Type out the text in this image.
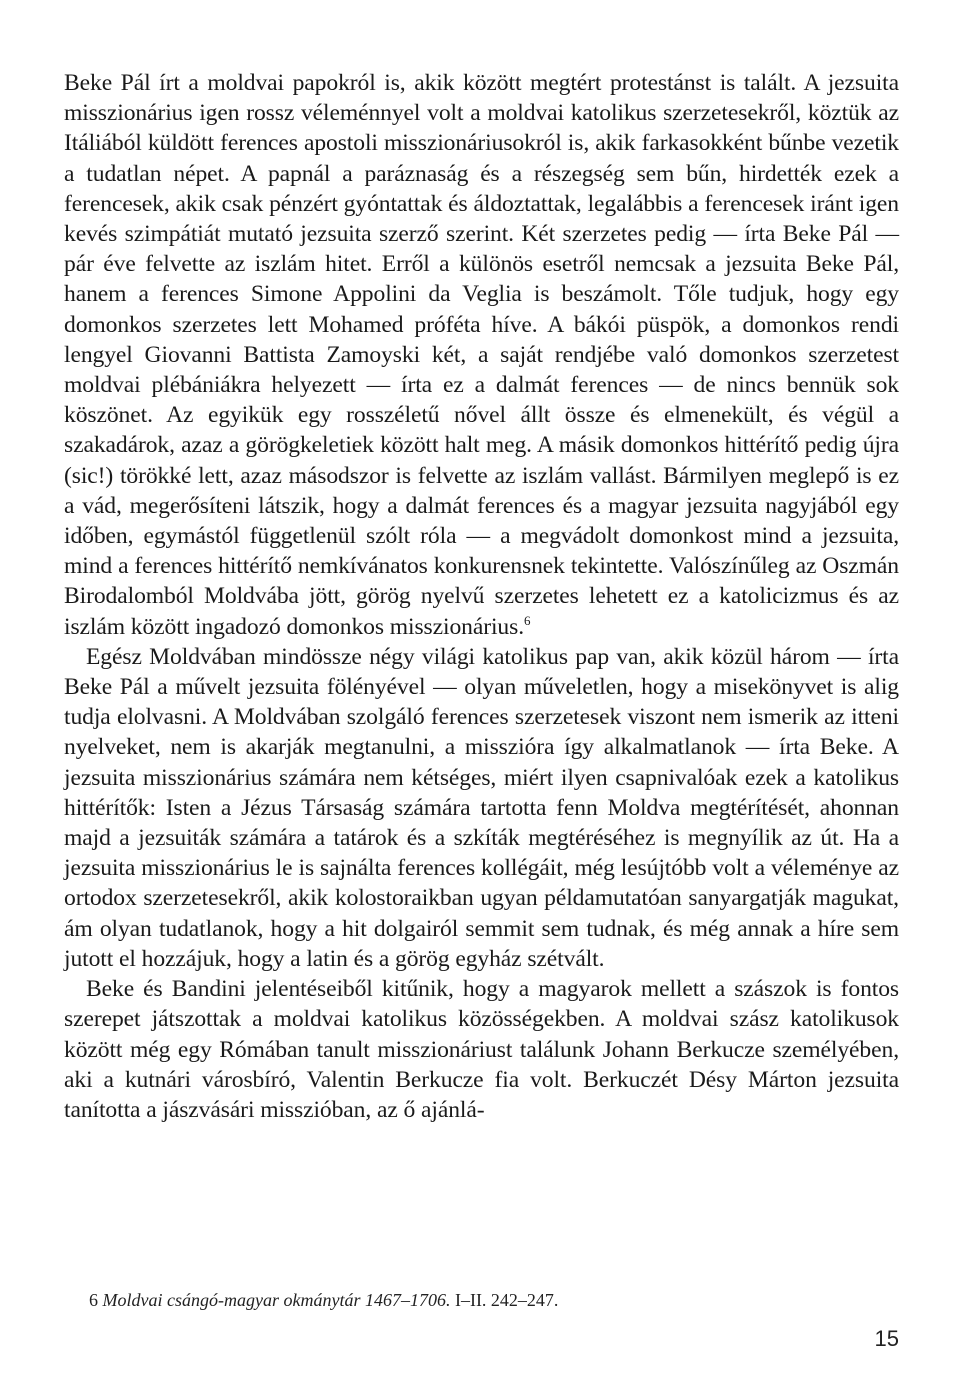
Beke Pál írt a moldvai papokról is, akik között megtért protestánst is talált. A jezsuita misszionárius igen rossz véleménnyel volt a moldvai katolikus szerzetesekről, köztük az Itáliából küldött ferences apostoli misszionáriusokról is, akik farkasokként bűnbe vezetik a tudatlan népet. A papnál a paráznaság és a részegség sem bűn, hirdették ezek a ferencesek, akik csak pénzért gyóntattak és áldoztattak, legalábbis a ferencesek iránt igen kevés szimpátiát mutató jezsuita szerző szerint. Két szerzetes pedig — írta Beke Pál — pár éve felvette az iszlám hitet. Erről a különös esetről nemcsak a jezsuita Beke Pál, hanem a ferences Simone Appolini da Veglia is beszámolt. Tőle tudjuk, hogy egy domonkos szerzetes lett Mohamed próféta híve. A bákói püspök, a domonkos rendi lengyel Giovanni Battista Zamoyski két, a saját rendjébe való domonkos szerzetest moldvai plébániákra helyezett — írta ez a dalmát ferences — de nincs bennük sok köszönet. Az egyikük egy rosszéletű nővel állt össze és elmenekült, és végül a szakadárok, azaz a görögkeletiek között halt meg. A másik domonkos hittérítő pedig újra (sic!) törökké lett, azaz másodszor is felvette az iszlám vallást. Bármilyen meglepő is ez a vád, megerősíteni látszik, hogy a dalmát ferences és a magyar jezsuita nagyjából egy időben, egymástól függetlenül szólt róla — a megvádolt domonkost mind a jezsuita, mind a ferences hittérítő nemkívánatos konkurensnek tekintette. Valószínűleg az Oszmán Birodalomból Moldvába jött, görög nyelvű szerzetes lehetett ez a katolicizmus és az iszlám között ingadozó domonkos misszionárius.$^6$

Egész Moldvában mindössze négy világi katolikus pap van, akik közül három — írta Beke Pál a művelt jezsuita fölényével — olyan műveletlen, hogy a misekönyvet is alig tudja elolvasni. A Moldvában szolgáló ferences szerzetesek viszont nem ismerik az itteni nyelveket, nem is akarják megtanulni, a misszióra így alkalmatlanok — írta Beke. A jezsuita misszionárius számára nem kétséges, miért ilyen csapnivalóak ezek a katolikus hittérítők: Isten a Jézus Társaság számára tartotta fenn Moldva megtérítését, ahonnan majd a jezsuiták számára a tatárok és a szkíták megtéréséhez is megnyílik az út. Ha a jezsuita misszionárius le is sajnálta ferences kollégáit, még lesújtóbb volt a véleménye az ortodox szerzetesekről, akik kolostoraikban ugyan példamutatóan sanyargatják magukat, ám olyan tudatlanok, hogy a hit dolgairól semmit sem tudnak, és még annak a híre sem jutott el hozzájuk, hogy a latin és a görög egyház szétvált.

Beke és Bandini jelentéseiből kitűnik, hogy a magyarok mellett a szászok is fontos szerepet játszottak a moldvai katolikus közösségekben. A moldvai szász katolikusok között még egy Rómában tanult misszionáriust találunk Johann Berkucze személyében, aki a kutnári városbíró, Valentin Berkucze fia volt. Berkuczét Désy Márton jezsuita tanította a jászvásári misszióban, az ő ajánlá-

6 Moldvai csángó-magyar okmánytár 1467–1706. I–II. 242–247.
15
